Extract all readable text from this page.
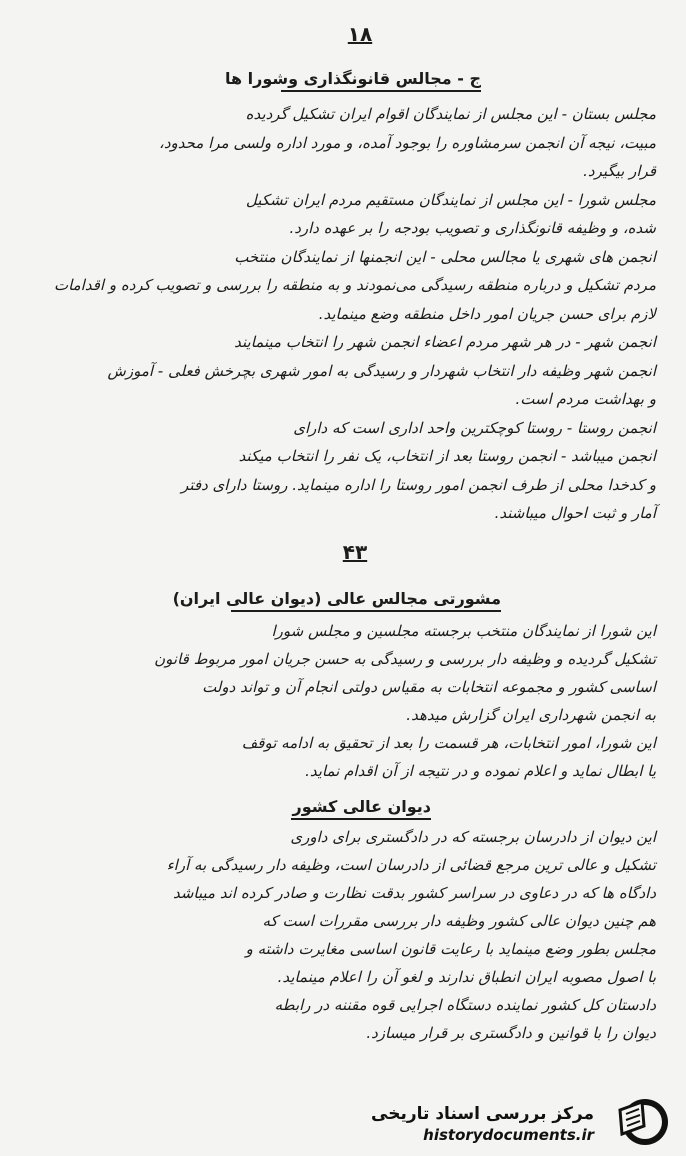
۱۸
ج - مجالس قانونگذاری وشورا ها
مجلس بستان - این مجلس از نمایندگان اقوام ایران تشکیل گردیده
مبیت، نیجه آن انجمن سرمشاوره را بوجود آمده، و مورد اداره ولسی مرا محدود،
قرار بیگیرد.
مجلس شورا - این مجلس از نمایندگان مستقیم مردم ایران تشکیل
شده، و وظیفه قانونگذاری و تصویب بودجه را بر عهده دارد.
انجمن های شهری یا مجالس محلی - این انجمنها از نمایندگان منتخب
مردم تشکیل و درباره منطقه رسیدگی می‌نمودند و به منطقه را بررسی و تصویب کرده و اقدامات
لازم برای حسن جریان امور داخل منطقه وضع مینماید.
انجمن شهر - در هر شهر مردم اعضاء انجمن شهر را انتخاب مینمایند
انجمن شهر وظیفه دار انتخاب شهردار و رسیدگی به امور شهری بچرخش فعلی - آموزش
و بهداشت مردم است.
انجمن روستا - روستا کوچکترین واحد اداری است که دارای
انجمن میباشد - انجمن روستا بعد از انتخاب، یک نفر را انتخاب میکند
و کدخدا محلی از طرف انجمن امور روستا را اداره مینماید. روستا دارای دفتر
آمار و ثبت احوال میباشند.
۴۳
مشورتی مجالس عالی (دیوان عالی ایران)
این شورا از نمایندگان منتخب برجسته مجلسین و مجلس شورا
تشکیل گردیده و وظیفه دار بررسی و رسیدگی به حسن جریان امور مربوط قانون
اساسی کشور و مجموعه انتخابات به مقیاس دولتی انجام آن و تواند دولت
به انجمن شهرداری ایران گزارش میدهد.
این شورا، امور انتخابات، هر قسمت را بعد از تحقیق به ادامه توقف
یا ابطال نماید و اعلام نموده و در نتیجه از آن اقدام نماید.
دیوان عالی کشور
این دیوان از دادرسان برجسته که در دادگستری برای داوری
تشکیل و عالی ترین مرجع قضائی از دادرسان است، وظیفه دار رسیدگی به آراء
دادگاه ها که در دعاوی در سراسر کشور بدقت نظارت و صادر کرده اند میباشد
هم چنین دیوان عالی کشور وظیفه دار بررسی مقررات است که
مجلس بطور وضع مینماید با رعایت قانون اساسی مغایرت داشته و
با اصول مصوبه ایران انطباق ندارند و لغو آن را اعلام مینماید.
دادستان کل کشور نماینده دستگاه اجرایی قوه مقننه در رابطه
دیوان را با قوانین و دادگستری بر قرار میسازد.
مرکز بررسی اسناد تاریخی
historydocuments.ir
